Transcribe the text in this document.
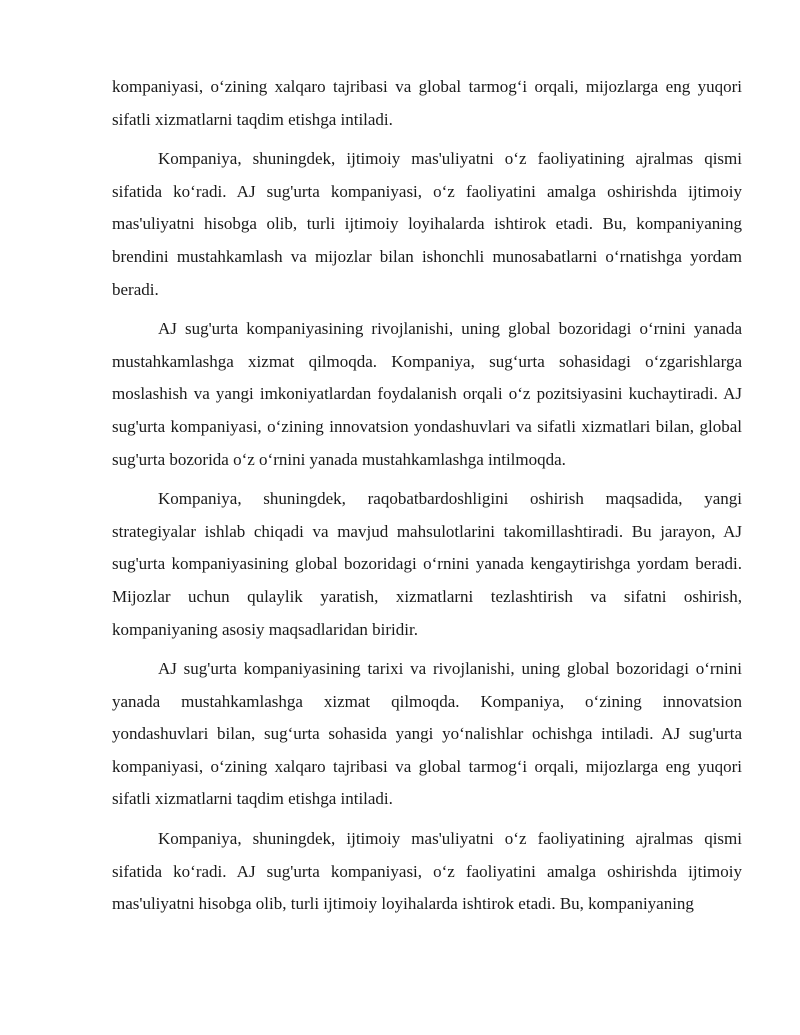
kompaniyasi, o‘zining xalqaro tajribasi va global tarmog‘i orqali, mijozlarga eng yuqori sifatli xizmatlarni taqdim etishga intiladi.

Kompaniya, shuningdek, ijtimoiy mas'uliyatni o‘z faoliyatining ajralmas qismi sifatida ko‘radi. AJ sug'urta kompaniyasi, o‘z faoliyatini amalga oshirishda ijtimoiy mas'uliyatni hisobga olib, turli ijtimoiy loyihalarda ishtirok etadi. Bu, kompaniyaning brendini mustahkamlash va mijozlar bilan ishonchli munosabatlarni o‘rnatishga yordam beradi.

AJ sug'urta kompaniyasining rivojlanishi, uning global bozoridagi o‘rnini yanada mustahkamlashga xizmat qilmoqda. Kompaniya, sug‘urta sohasidagi o‘zgarishlarga moslashish va yangi imkoniyatlardan foydalanish orqali o‘z pozitsiyasini kuchaytiradi. AJ sug'urta kompaniyasi, o‘zining innovatsion yondashuvlari va sifatli xizmatlari bilan, global sug'urta bozorida o‘z o‘rnini yanada mustahkamlashga intilmoqda.

Kompaniya, shuningdek, raqobatbardoshligini oshirish maqsadida, yangi strategiyalar ishlab chiqadi va mavjud mahsulotlarini takomillashtiradi. Bu jarayon, AJ sug'urta kompaniyasining global bozoridagi o‘rnini yanada kengaytirishga yordam beradi. Mijozlar uchun qulaylik yaratish, xizmatlarni tezlashtirish va sifatni oshirish, kompaniyaning asosiy maqsadlaridan biridir.

AJ sug'urta kompaniyasining tarixi va rivojlanishi, uning global bozoridagi o‘rnini yanada mustahkamlashga xizmat qilmoqda. Kompaniya, o‘zining innovatsion yondashuvlari bilan, sug‘urta sohasida yangi yo‘nalishlar ochishga intiladi. AJ sug'urta kompaniyasi, o‘zining xalqaro tajribasi va global tarmog‘i orqali, mijozlarga eng yuqori sifatli xizmatlarni taqdim etishga intiladi.

Kompaniya, shuningdek, ijtimoiy mas'uliyatni o‘z faoliyatining ajralmas qismi sifatida ko‘radi. AJ sug'urta kompaniyasi, o‘z faoliyatini amalga oshirishda ijtimoiy mas'uliyatni hisobga olib, turli ijtimoiy loyihalarda ishtirok etadi. Bu, kompaniyaning
